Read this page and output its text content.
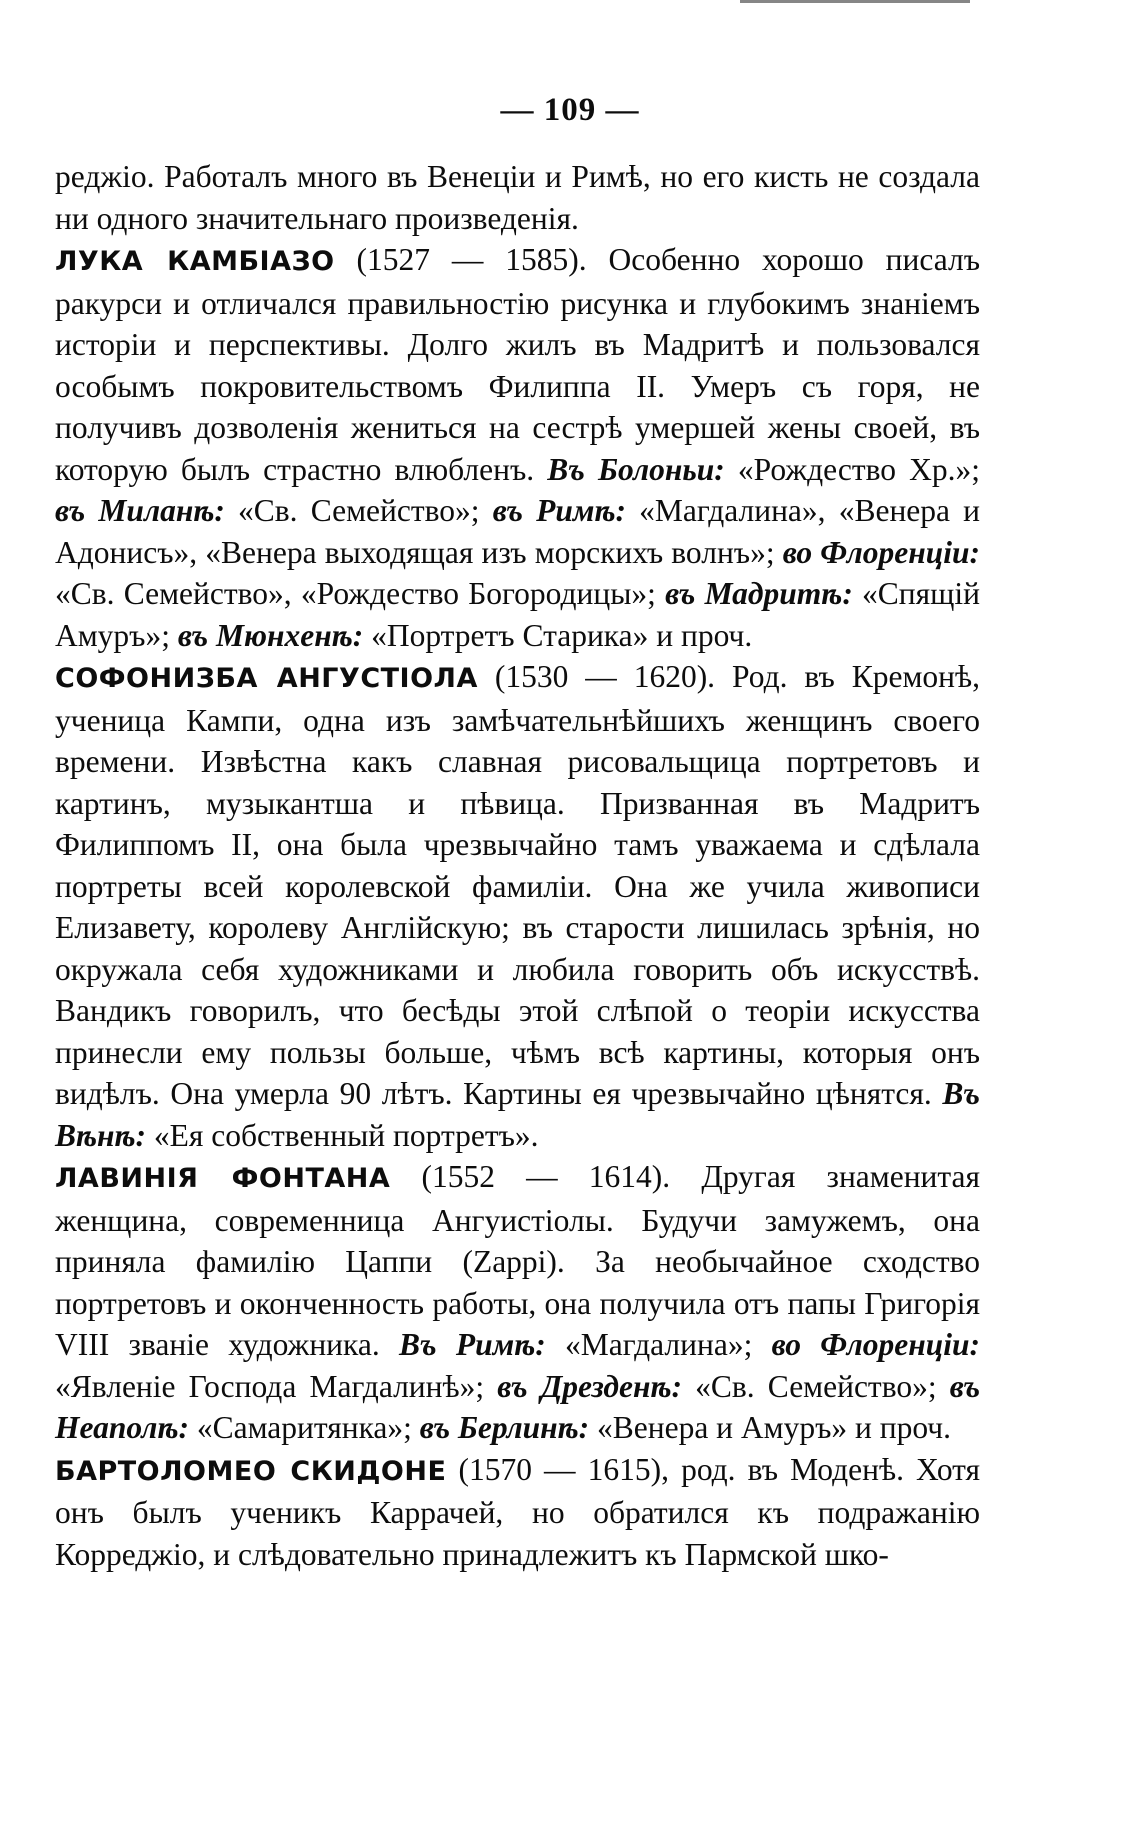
— 109 —

реджіо. Работалъ много въ Венеціи и Римѣ, но его кисть не создала ни одного значительнаго произведенія.

ЛУКА КАМБІАЗО (1527 — 1585). Особенно хорошо писалъ ракурси и отличался правильностію рисунка и глубокимъ знаніемъ исторіи и перспективы. Долго жилъ въ Мадритѣ и пользовался особымъ покровительствомъ Филиппа II. Умеръ съ горя, не получивъ дозволенія жениться на сестрѣ умершей жены своей, въ которую былъ страстно влюбленъ. Въ Болоньи: «Рождество Хр.»; въ Миланѣ: «Св. Семейство»; въ Римѣ: «Магдалина», «Венера и Адонисъ», «Венера выходящая изъ морскихъ волнъ»; во Флоренціи: «Св. Семейство», «Рождество Богородицы»; въ Мадритѣ: «Спящій Амуръ»; въ Мюнхенѣ: «Портретъ Старика» и проч.

СОФОНИЗБА АНГУСТІОЛА (1530 — 1620). Род. въ Кремонѣ, ученица Кампи, одна изъ замѣчательнѣйшихъ женщинъ своего времени. Извѣстна какъ славная рисовальщица портретовъ и картинъ, музыкантша и пѣвица. Призванная въ Мадритъ Филиппомъ II, она была чрезвычайно тамъ уважаема и сдѣлала портреты всей королевской фамиліи. Она же учила живописи Елизавету, королеву Англійскую; въ старости лишилась зрѣнія, но окружала себя художниками и любила говорить объ искусствѣ. Вандикъ говорилъ, что бесѣды этой слѣпой о теоріи искусства принесли ему пользы больше, чѣмъ всѣ картины, которыя онъ видѣлъ. Она умерла 90 лѣтъ. Картины ея чрезвычайно цѣнятся. Въ Вѣнѣ: «Ея собственный портретъ».

ЛАВИНІЯ ФОНТАНА (1552 — 1614). Другая знаменитая женщина, современница Ангуистіолы. Будучи замужемъ, она приняла фамилію Цаппи (Zappi). За необычайное сходство портретовъ и оконченность работы, она получила отъ папы Григорія VIII званіе художника. Въ Римѣ: «Магдалина»; во Флоренціи: «Явленіе Господа Магдалинѣ»; въ Дрезденѣ: «Св. Семейство»; въ Неаполѣ: «Самаритянка»; въ Берлинѣ: «Венера и Амуръ» и проч.

БАРТОЛОМЕО СКИДОНЕ (1570 — 1615), род. въ Моденѣ. Хотя онъ былъ ученикъ Каррачей, но обратился къ подражанію Корреджіо, и слѣдовательно принадлежитъ къ Пармской шко-
